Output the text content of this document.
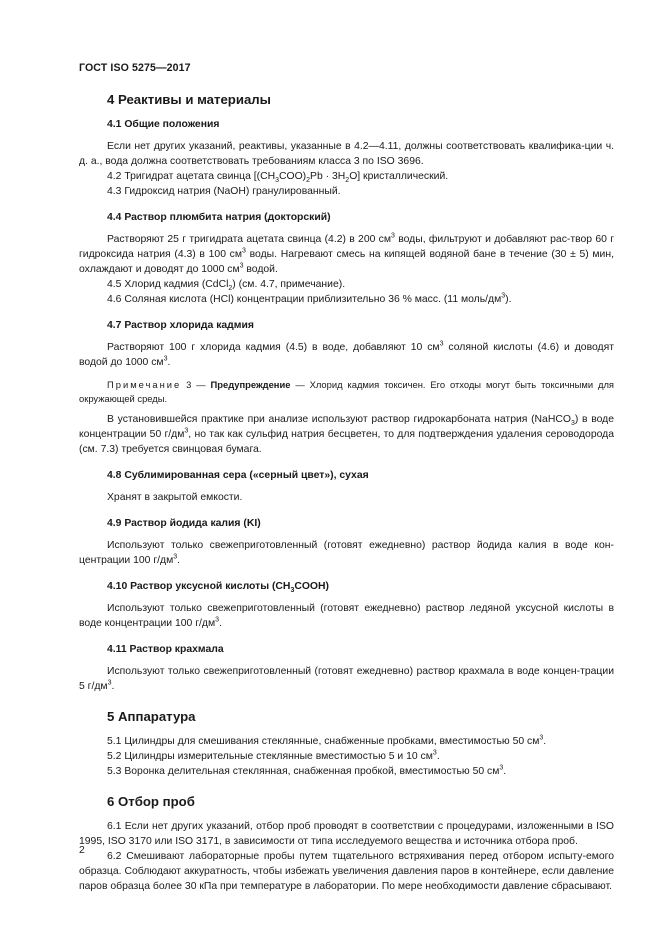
ГОСТ ISO 5275—2017
4 Реактивы и материалы
4.1 Общие положения

Если нет других указаний, реактивы, указанные в 4.2—4.11, должны соответствовать квалифика-ции ч. д. а., вода должна соответствовать требованиям класса 3 по ISO 3696.

4.2 Тригидрат ацетата свинца $[(CH_3COO)_2Pb \cdot 3H_2O]$ кристаллический.

4.3 Гидроксид натрия (NaOH) гранулированный.

4.4 Раствор плюмбита натрия (докторский)

Растворяют 25 г тригидрата ацетата свинца (4.2) в 200 $см^3$ воды, фильтруют и добавляют рас-твор 60 г гидроксида натрия (4.3) в 100 $см^3$ воды. Нагревают смесь на кипящей водяной бане в течение (30 ± 5) мин, охлаждают и доводят до 1000 $см^3$ водой.

4.5 Хлорид кадмия (CdCl$_2$) (см. 4.7, примечание).

4.6 Соляная кислота (HCl) концентрации приблизительно 36 % масс. (11 моль/$дм^3$).

4.7 Раствор хлорида кадмия

Растворяют 100 г хлорида кадмия (4.5) в воде, добавляют 10 $см^3$ соляной кислоты (4.6) и доводят водой до 1000 $см^3$.

Примечание 3 — Предупреждение — Хлорид кадмия токсичен. Его отходы могут быть токсичными для окружающей среды.

В установившейся практике при анализе используют раствор гидрокарбоната натрия (NaHCO$_3$) в воде концентрации 50 $г/дм^3$, но так как сульфид натрия бесцветен, то для подтверждения удаления сероводорода (см. 7.3) требуется свинцовая бумага.

4.8 Сублимированная сера («серный цвет»), сухая

Хранят в закрытой емкости.

4.9 Раствор йодида калия (KI)

Используют только свежеприготовленный (готовят ежедневно) раствор йодида калия в воде кон-центрации 100 $г/дм^3$.

4.10 Раствор уксусной кислоты $(CH_3COOH)$

Используют только свежеприготовленный (готовят ежедневно) раствор ледяной уксусной кислоты в воде концентрации 100 $г/дм^3$.

4.11 Раствор крахмала

Используют только свежеприготовленный (готовят ежедневно) раствор крахмала в воде концен-трации 5 $г/дм^3$.

5 Аппаратура

5.1 Цилиндры для смешивания стеклянные, снабженные пробками, вместимостью 50 $см^3$.

5.2 Цилиндры измерительные стеклянные вместимостью 5 и 10 $см^3$.

5.3 Воронка делительная стеклянная, снабженная пробкой, вместимостью 50 $см^3$.

6 Отбор проб

6.1 Если нет других указаний, отбор проб проводят в соответствии с процедурами, изложенными в ISO 1995, ISO 3170 или ISO 3171, в зависимости от типа исследуемого вещества и источника отбора проб.

6.2 Смешивают лабораторные пробы путем тщательного встряхивания перед отбором испыту-емого образца. Соблюдают аккуратность, чтобы избежать увеличения давления паров в контейнере, если давление паров образца более 30 кПа при температуре в лаборатории. По мере необходимости давление сбрасывают.

2
